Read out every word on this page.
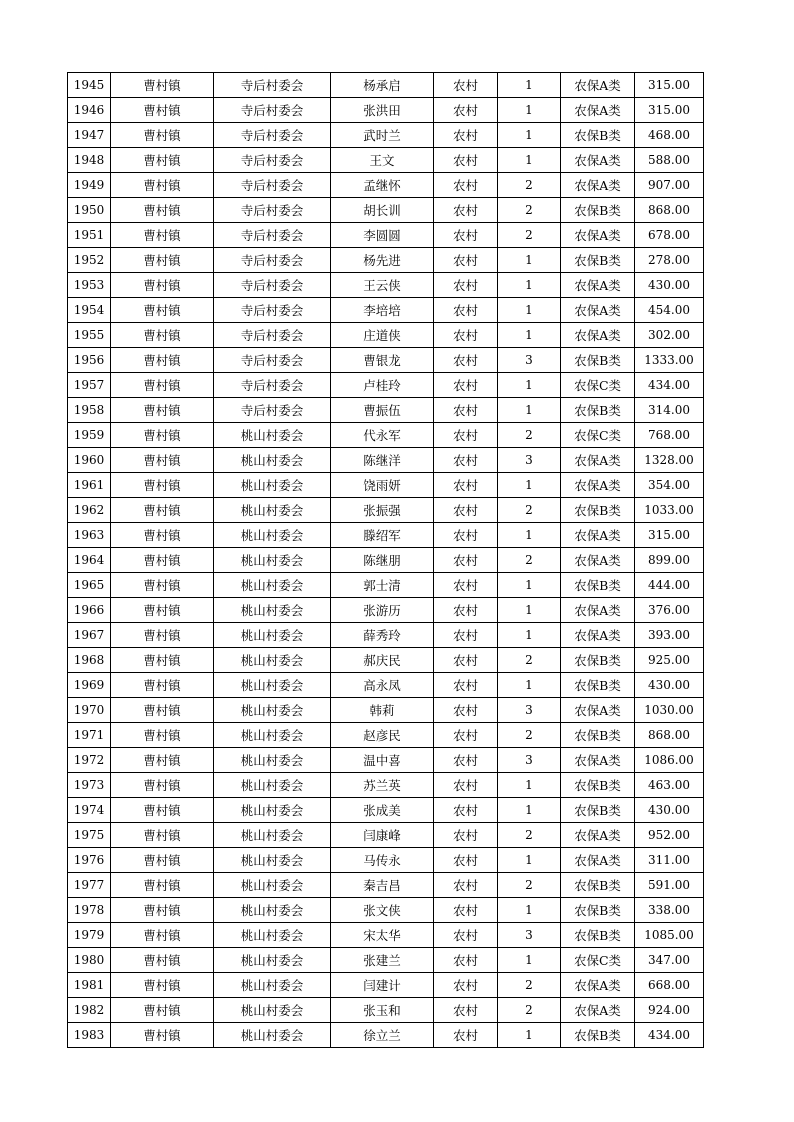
1945	曹村镇	寺后村委会	杨承启	农村	1	农保A类	315.00
1946	曹村镇	寺后村委会	张洪田	农村	1	农保A类	315.00
1947	曹村镇	寺后村委会	武时兰	农村	1	农保B类	468.00
1948	曹村镇	寺后村委会	王文	农村	1	农保A类	588.00
1949	曹村镇	寺后村委会	孟继怀	农村	2	农保A类	907.00
1950	曹村镇	寺后村委会	胡长训	农村	2	农保B类	868.00
1951	曹村镇	寺后村委会	李圆圆	农村	2	农保A类	678.00
1952	曹村镇	寺后村委会	杨先进	农村	1	农保B类	278.00
1953	曹村镇	寺后村委会	王云侠	农村	1	农保A类	430.00
1954	曹村镇	寺后村委会	李培培	农村	1	农保A类	454.00
1955	曹村镇	寺后村委会	庄道侠	农村	1	农保A类	302.00
1956	曹村镇	寺后村委会	曹银龙	农村	3	农保B类	1333.00
1957	曹村镇	寺后村委会	卢桂玲	农村	1	农保C类	434.00
1958	曹村镇	寺后村委会	曹振伍	农村	1	农保B类	314.00
1959	曹村镇	桃山村委会	代永军	农村	2	农保C类	768.00
1960	曹村镇	桃山村委会	陈继洋	农村	3	农保A类	1328.00
1961	曹村镇	桃山村委会	饶雨妍	农村	1	农保A类	354.00
1962	曹村镇	桃山村委会	张振强	农村	2	农保B类	1033.00
1963	曹村镇	桃山村委会	滕绍军	农村	1	农保A类	315.00
1964	曹村镇	桃山村委会	陈继朋	农村	2	农保A类	899.00
1965	曹村镇	桃山村委会	郭士清	农村	1	农保B类	444.00
1966	曹村镇	桃山村委会	张游历	农村	1	农保A类	376.00
1967	曹村镇	桃山村委会	薛秀玲	农村	1	农保A类	393.00
1968	曹村镇	桃山村委会	郝庆民	农村	2	农保B类	925.00
1969	曹村镇	桃山村委会	高永凤	农村	1	农保B类	430.00
1970	曹村镇	桃山村委会	韩莉	农村	3	农保A类	1030.00
1971	曹村镇	桃山村委会	赵彦民	农村	2	农保B类	868.00
1972	曹村镇	桃山村委会	温中喜	农村	3	农保A类	1086.00
1973	曹村镇	桃山村委会	苏兰英	农村	1	农保B类	463.00
1974	曹村镇	桃山村委会	张成美	农村	1	农保B类	430.00
1975	曹村镇	桃山村委会	闫康峰	农村	2	农保A类	952.00
1976	曹村镇	桃山村委会	马传永	农村	1	农保A类	311.00
1977	曹村镇	桃山村委会	秦吉昌	农村	2	农保B类	591.00
1978	曹村镇	桃山村委会	张文侠	农村	1	农保B类	338.00
1979	曹村镇	桃山村委会	宋太华	农村	3	农保B类	1085.00
1980	曹村镇	桃山村委会	张建兰	农村	1	农保C类	347.00
1981	曹村镇	桃山村委会	闫建计	农村	2	农保A类	668.00
1982	曹村镇	桃山村委会	张玉和	农村	2	农保A类	924.00
1983	曹村镇	桃山村委会	徐立兰	农村	1	农保B类	434.00
